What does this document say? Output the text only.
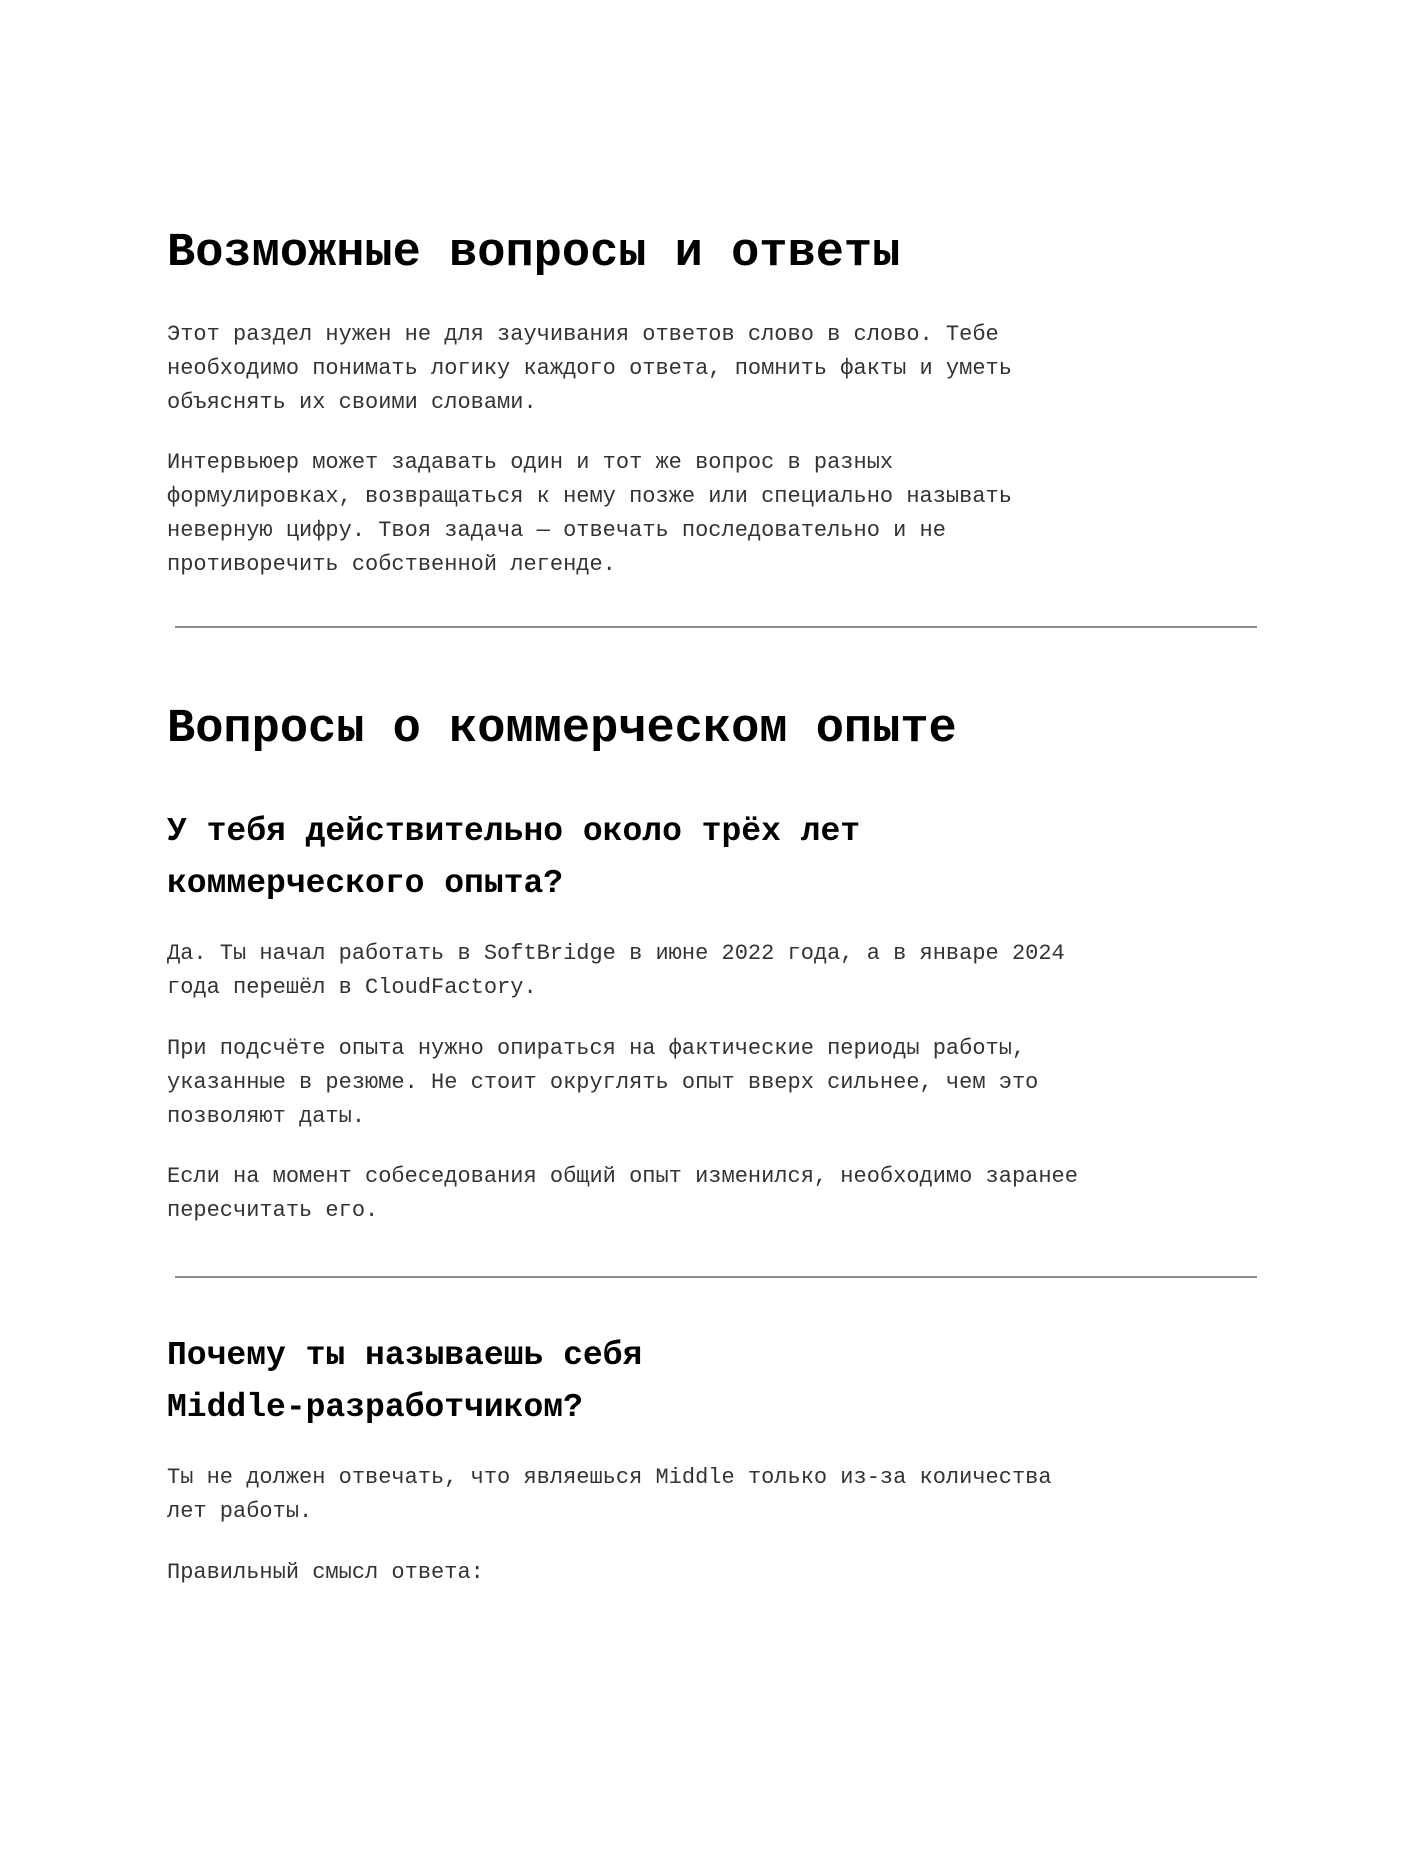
Возможные вопросы и ответы

Этот раздел нужен не для заучивания ответов слово в слово. Тебе

необходимо понимать логику каждого ответа, помнить факты и уметь

объяснять их своими словами.

Интервьюер может задавать один и тот же вопрос в разных

формулировках, возвращаться к нему позже или специально называть

неверную цифру. Твоя задача — отвечать последовательно и не

противоречить собственной легенде.

Вопросы о коммерческом опыте
У тебя действительно около трёх лет
коммерческого опыта?

Да. Ты начал работать в SoftBridge в июне 2022 года, а в январе 2024

года перешёл в CloudFactory.

При подсчёте опыта нужно опираться на фактические периоды работы,

указанные в резюме. Не стоит округлять опыт вверх сильнее, чем это

позволяют даты.

Если на момент собеседования общий опыт изменился, необходимо заранее

пересчитать его.

Почему ты называешь себя
Middle-разработчиком?

Ты не должен отвечать, что являешься Middle только из-за количества

лет работы.

Правильный смысл ответа:
